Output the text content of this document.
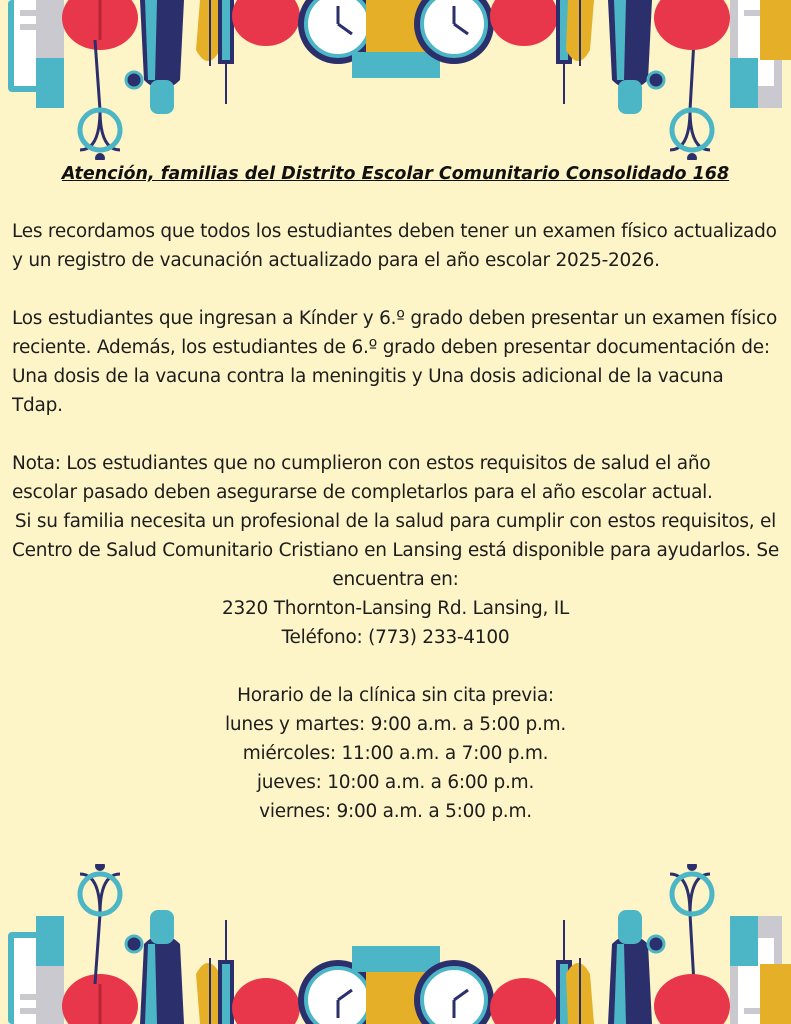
Atención, familias del Distrito Escolar Comunitario Consolidado 168

Les recordamos que todos los estudiantes deben tener un examen físico actualizado y un registro de vacunación actualizado para el año escolar 2025-2026.

Los estudiantes que ingresan a Kínder y 6.º grado deben presentar un examen físico reciente. Además, los estudiantes de 6.º grado deben presentar documentación de:

Una dosis de la vacuna contra la meningitis y Una dosis adicional de la vacuna Tdap.

Nota: Los estudiantes que no cumplieron con estos requisitos de salud el año escolar pasado deben asegurarse de completarlos para el año escolar actual.

Si su familia necesita un profesional de la salud para cumplir con estos requisitos, el Centro de Salud Comunitario Cristiano en Lansing está disponible para ayudarlos. Se encuentra en:

2320 Thornton-Lansing Rd. Lansing, IL

Teléfono: (773) 233-4100

Horario de la clínica sin cita previa:

lunes y martes: 9:00 a.m. a 5:00 p.m.

miércoles: 11:00 a.m. a 7:00 p.m.

jueves: 10:00 a.m. a 6:00 p.m.

viernes: 9:00 a.m. a 5:00 p.m.
